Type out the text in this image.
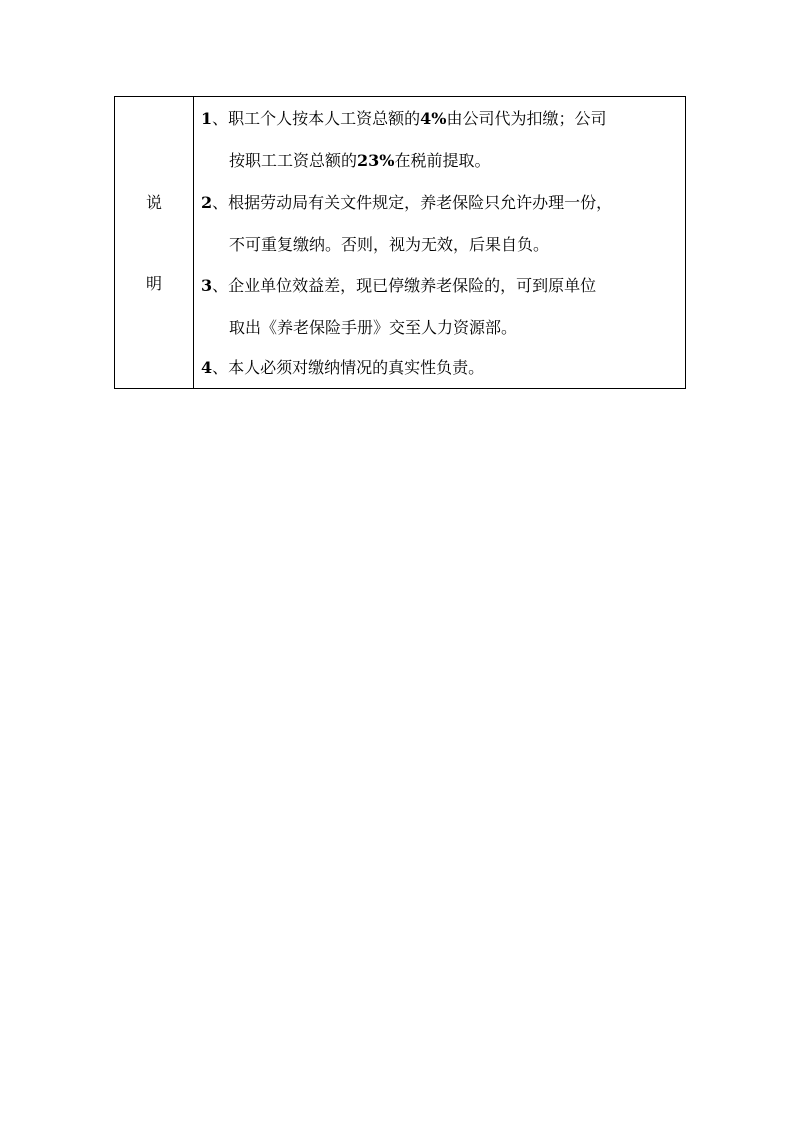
说
明
1、职工个人按本人工资总额的4%由公司代为扣缴；公司
按职工工资总额的23%在税前提取。
2、根据劳动局有关文件规定，养老保险只允许办理一份，
不可重复缴纳。否则，视为无效，后果自负。
3、企业单位效益差，现已停缴养老保险的，可到原单位
取出《养老保险手册》交至人力资源部。
4、本人必须对缴纳情况的真实性负责。
